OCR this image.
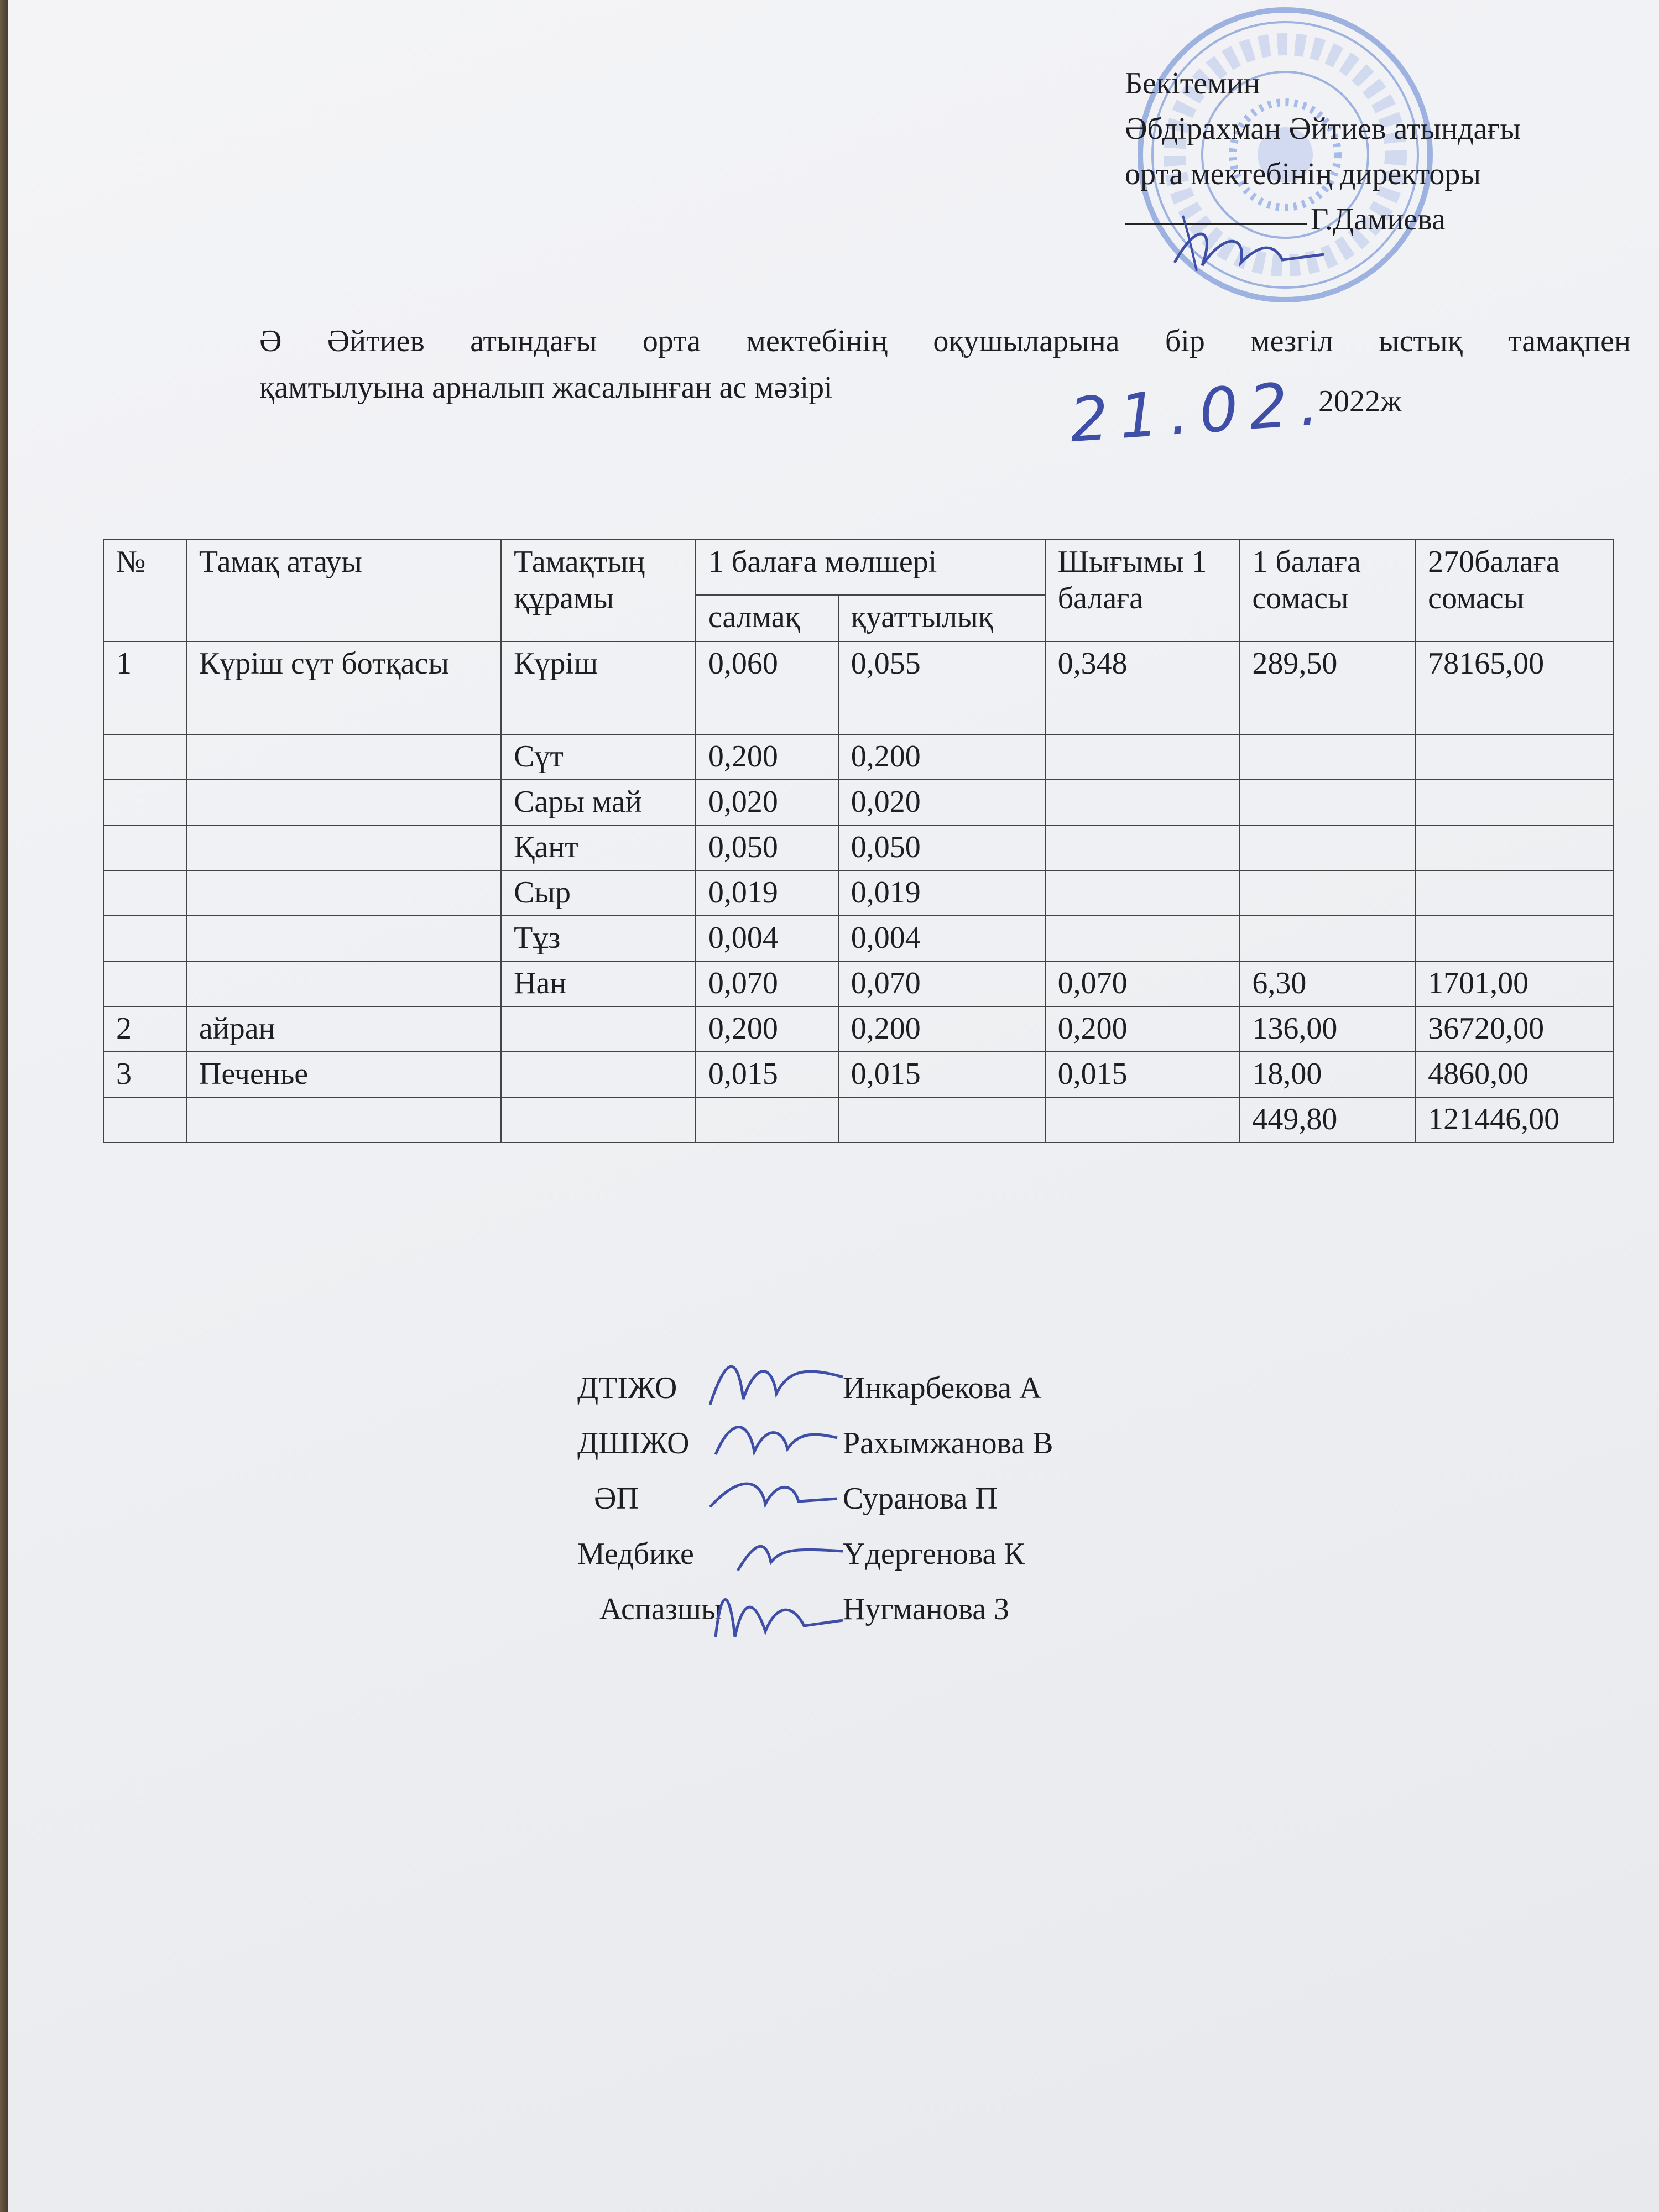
Бекітемин
Әбдірахман Әйтиев атындағы
орта мектебінің директоры
Г.Дамиева
Ә Әйтиев атындағы орта мектебінің оқушыларына бір мезгіл ыстық тамақпен
қамтылуына арналып жасалынған ас мәзірі	21.02.
2022ж
№	Тамақ атауы	Тамақтың құрамы	1 балаға мөлшері		Шығымы 1 балаға	1 балаға сомасы	270балаға сомасы
			салмақ	қуаттылық			
1	Күріш сүт ботқасы	Күріш	0,060	0,055	0,348	289,50	78165,00
		Сүт	0,200	0,200			
		Сары май	0,020	0,020			
		Қант	0,050	0,050			
		Сыр	0,019	0,019			
		Тұз	0,004	0,004			
		Нан	0,070	0,070	0,070	6,30	1701,00
2	айран		0,200	0,200	0,200	136,00	36720,00
3	Печенье		0,015	0,015	0,015	18,00	4860,00
						449,80	121446,00
ДТІЖО	Инкарбекова А
ДШІЖО	Рахымжанова В
ӘП	Суранова П
Медбике	Үдергенова К
Аспазшы	Нугманова З
